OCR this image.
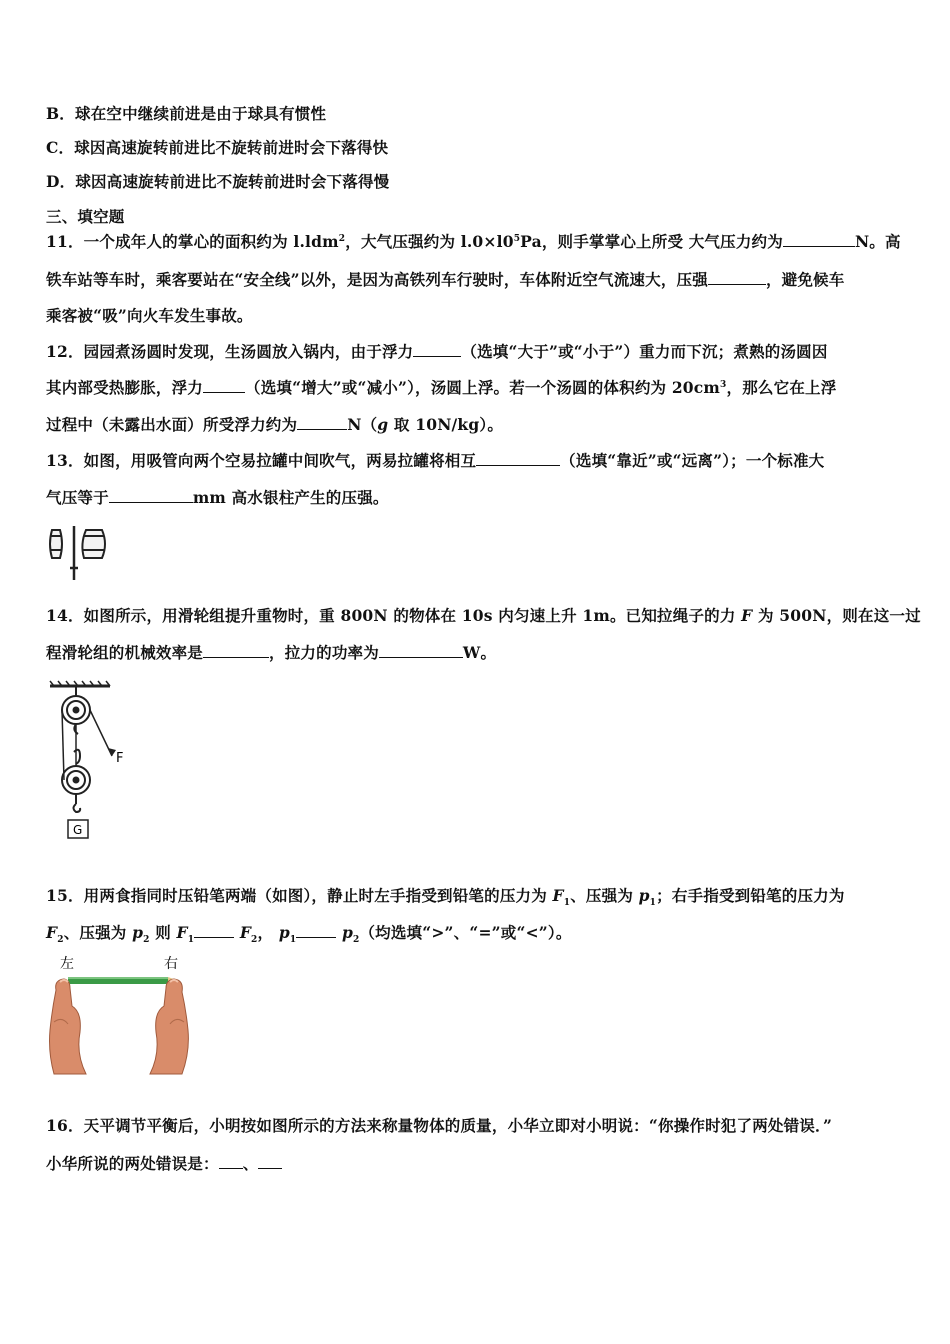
B．球在空中继续前进是由于球具有惯性
C．球因高速旋转前进比不旋转前进时会下落得快
D．球因高速旋转前进比不旋转前进时会下落得慢
三、填空题
11．一个成年人的掌心的面积约为 l.ldm$^2$，大气压强约为 $l.0\times l0^5Pa$，则手掌掌心上所受 大气压力约为	N。高
铁车站等车时，乘客要站在“安全线”以外，是因为高铁列车行驶时，车体附近空气流速大，压强	，避免候车
乘客被“吸”向火车发生事故。
12．园园煮汤圆时发现，生汤圆放入锅内，由于浮力	（选填“大于”或“小于”）重力而下沉；煮熟的汤圆因
其内部受热膨胀，浮力	（选填“增大”或“减小”），汤圆上浮。若一个汤圆的体积约为 $20cm^3$，那么它在上浮
过程中（未露出水面）所受浮力约为	N（g 取 10N/kg）。
13．如图，用吸管向两个空易拉罐中间吹气，两易拉罐将相互	（选填“靠近”或“远离”）；一个标准大
气压等于	mm 高水银柱产生的压强。
14．如图所示，用滑轮组提升重物时，重 800N 的物体在 10s 内匀速上升 1m。已知拉绳子的力 F 为 500N，则在这一过
程滑轮组的机械效率是	，拉力的功率为	W。
F
G
15．用两食指同时压铅笔两端（如图），静止时左手指受到铅笔的压力为 $F_1$、压强为 $p_1$；右手指受到铅笔的压力为
$F_2$、压强为 $p_2$ 则 $F_1$	$F_2$， $p_1$	$p_2$（均选填“>”、“=”或“<”）。
左	右
16．天平调节平衡后，小明按如图所示的方法来称量物体的质量，小华立即对小明说：“你操作时犯了两处错误．”
小华所说的两处错误是： 、
